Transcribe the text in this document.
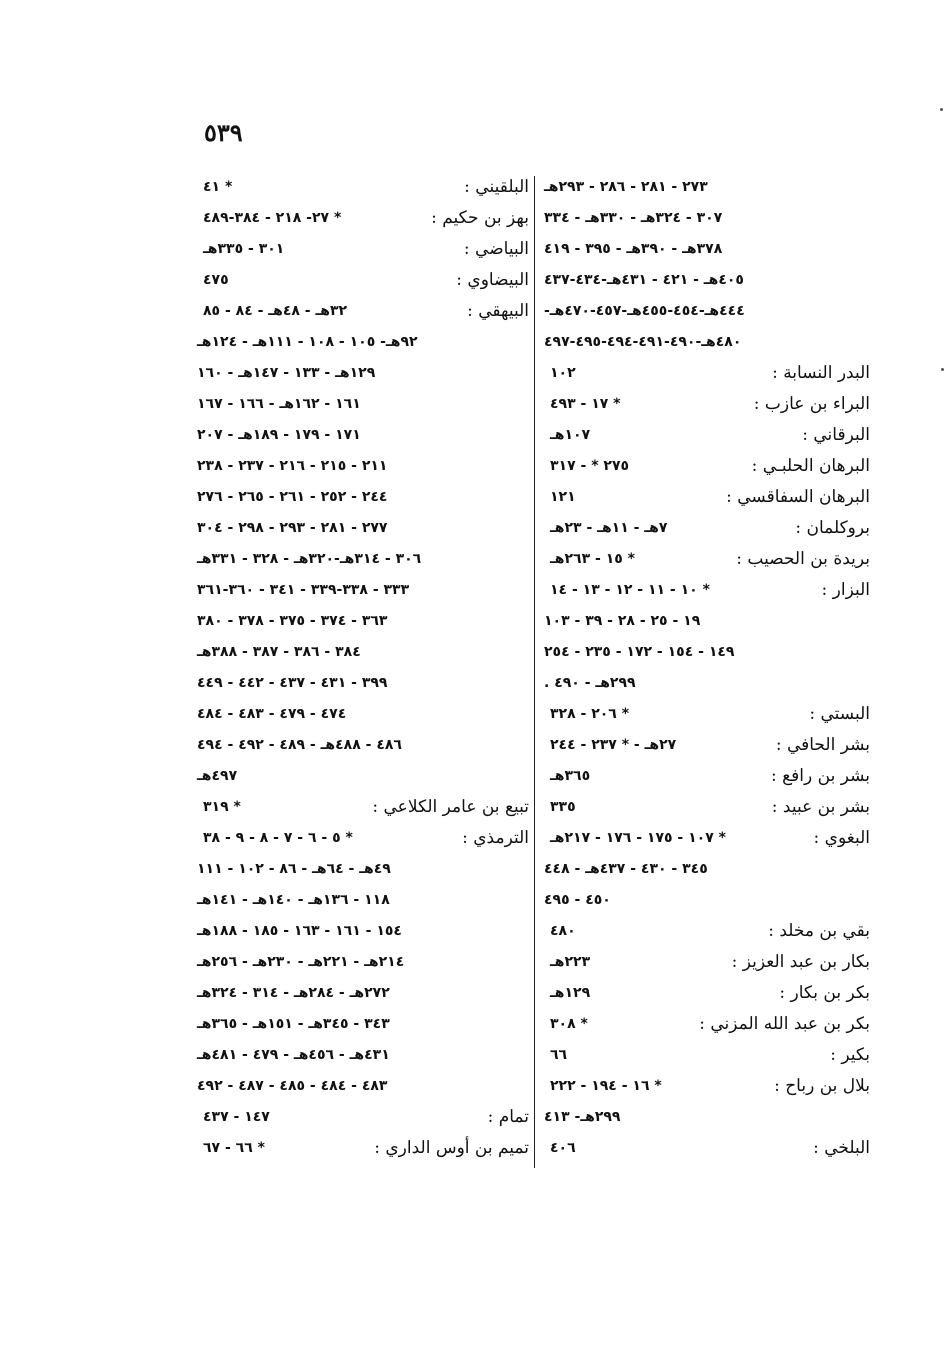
٥٣٩
٢٧٣ - ٢٨١ - ٢٨٦ - ٢٩٣هـ
٣٠٧ - ٣٢٤هـ - ٣٣٠هـ - ٣٣٤
٣٧٨هـ - ٣٩٠هـ - ٣٩٥ - ٤١٩
٤٠٥هـ - ٤٢١ - ٤٣١هـ-٤٣٤-٤٣٧
٤٤٤هـ-٤٥٤-٤٥٥هـ-٤٥٧-٤٧٠هـ-
٤٨٠هـ-٤٩٠-٤٩١-٤٩٤-٤٩٥-٤٩٧
البدر النسابة :
١٠٢
البراء بن عازب :
* ١٧ - ٤٩٣
البرقاني :
١٠٧هـ
البرهان الحلبـي :
٢٧٥ * - ٣١٧
البرهان السفاقسي :
١٢١
بروكلمان :
٧هـ - ١١هـ - ٢٣هـ
بريدة بن الحصيب :
* ١٥ - ٢٦٣هـ
البزار :
* ١٠ - ١١ - ١٢ - ١٣ - ١٤
١٩ - ٢٥ - ٢٨ - ٣٩ - ١٠٣
١٤٩ - ١٥٤ - ١٧٢ - ٢٣٥ - ٢٥٤
٢٩٩هـ - ٤٩٠ .
البستي :
* ٢٠٦ - ٣٢٨
بشر الحافي :
٢٧هـ - * ٢٣٧ - ٢٤٤
بشر بن رافع :
٣٦٥هـ
بشر بن عبيد :
٣٣٥
البغوي :
* ١٠٧ - ١٧٥ - ١٧٦ - ٢١٧هـ
٣٤٥ - ٤٣٠ - ٤٣٧هـ - ٤٤٨
٤٥٠ - ٤٩٥
بقي بن مخلد :
٤٨٠
بكار بن عبد العزيز :
٢٢٣هـ
بكر بن بكار :
١٢٩هـ
بكر بن عبد الله المزني :
* ٣٠٨
بكير :
٦٦
بلال بن رباح :
* ١٦ - ١٩٤ - ٢٢٢
٢٩٩هـ- ٤١٣
البلخي :
٤٠٦
البلقيني :
* ٤١
بهز بن حكيم :
* ٢٧- ٢١٨ - ٣٨٤-٤٨٩
البياضي :
٣٠١ - ٣٣٥هـ
البيضاوي :
٤٧٥
البيهقي :
٣٢هـ - ٤٨هـ - ٨٤ - ٨٥
٩٢هـ- ١٠٥ - ١٠٨ - ١١١هـ - ١٢٤هـ
١٢٩هـ - ١٣٣ - ١٤٧هـ - ١٦٠
١٦١ - ١٦٢هـ - ١٦٦ - ١٦٧
١٧١ - ١٧٩ - ١٨٩هـ - ٢٠٧
٢١١ - ٢١٥ - ٢١٦ - ٢٣٧ - ٢٣٨
٢٤٤ - ٢٥٢ - ٢٦١ - ٢٦٥ - ٢٧٦
٢٧٧ - ٢٨١ - ٢٩٣ - ٢٩٨ - ٣٠٤
٣٠٦ - ٣١٤هـ-٣٢٠هـ - ٣٢٨ - ٣٣١هـ
٣٣٣ - ٣٣٨-٣٣٩ - ٣٤١ - ٣٦٠-٣٦١
٣٦٣ - ٣٧٤ - ٣٧٥ - ٣٧٨ - ٣٨٠
٣٨٤ - ٣٨٦ - ٣٨٧ - ٣٨٨هـ
٣٩٩ - ٤٣١ - ٤٣٧ - ٤٤٢ - ٤٤٩
٤٧٤ - ٤٧٩ - ٤٨٣ - ٤٨٤
٤٨٦ - ٤٨٨هـ - ٤٨٩ - ٤٩٢ - ٤٩٤
٤٩٧هـ
تبيع بن عامر الكلاعي :
* ٣١٩
الترمذي :
* ٥ - ٦ - ٧ - ٨ - ٩ - ٣٨
٤٩هـ - ٦٤هـ - ٨٦ - ١٠٢ - ١١١
١١٨ - ١٣٦هـ - ١٤٠هـ - ١٤١هـ
١٥٤ - ١٦١ - ١٦٣ - ١٨٥ - ١٨٨هـ
٢١٤هـ - ٢٢١هـ - ٢٣٠هـ - ٢٥٦هـ
٢٧٢هـ - ٢٨٤هـ - ٣١٤ - ٣٢٤هـ
٣٤٣ - ٣٤٥هـ - ١٥١هـ - ٣٦٥هـ
٤٣١هـ - ٤٥٦هـ - ٤٧٩ - ٤٨١هـ
٤٨٣ - ٤٨٤ - ٤٨٥ - ٤٨٧ - ٤٩٢
تمام :
١٤٧ - ٤٣٧
تميم بن أوس الداري :
* ٦٦ - ٦٧
